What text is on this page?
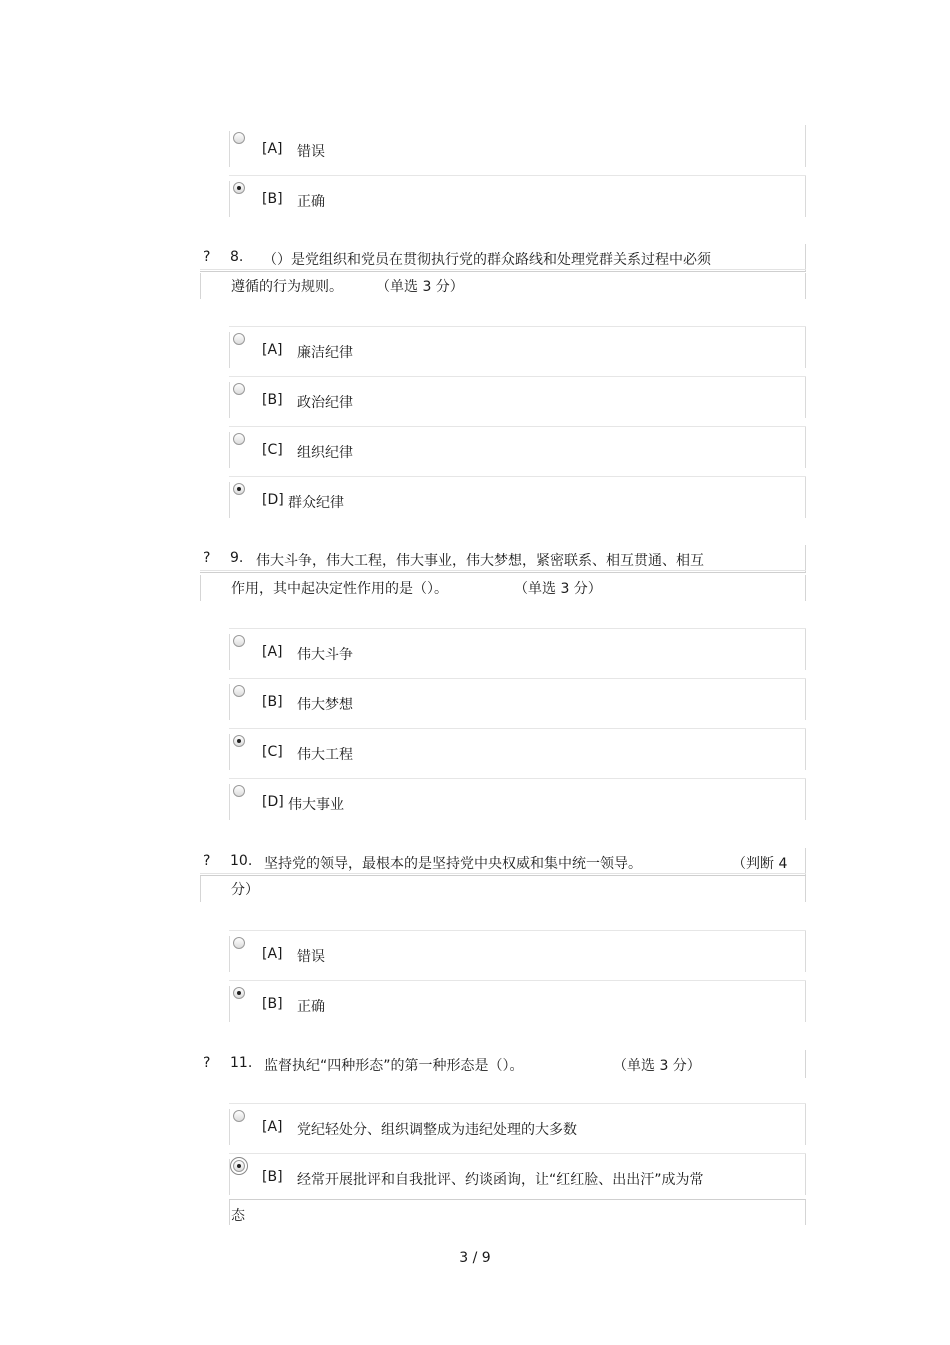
[A] 错误
[B] 正确
? 8. （）是党组织和党员在贯彻执行党的群众路线和处理党群关系过程中必须
遵循的行为规则。 （单选 3 分）
[A] 廉洁纪律
[B] 政治纪律
[C] 组织纪律
[D] 群众纪律
? 9. 伟大斗争，伟大工程，伟大事业，伟大梦想，紧密联系、相互贯通、相互
作用，其中起决定性作用的是（）。	（单选 3 分）
[A] 伟大斗争
[B] 伟大梦想
[C] 伟大工程
[D] 伟大事业
? 10. 坚持党的领导，最根本的是坚持党中央权威和集中统一领导。	（判断 4
分）
[A] 错误
[B] 正确
? 11. 监督执纪“四种形态”的第一种形态是（）。	（单选 3 分）
[A] 党纪轻处分、组织调整成为违纪处理的大多数
[B] 经常开展批评和自我批评、约谈函询，让“红红脸、出出汗”成为常
态
3 / 9
